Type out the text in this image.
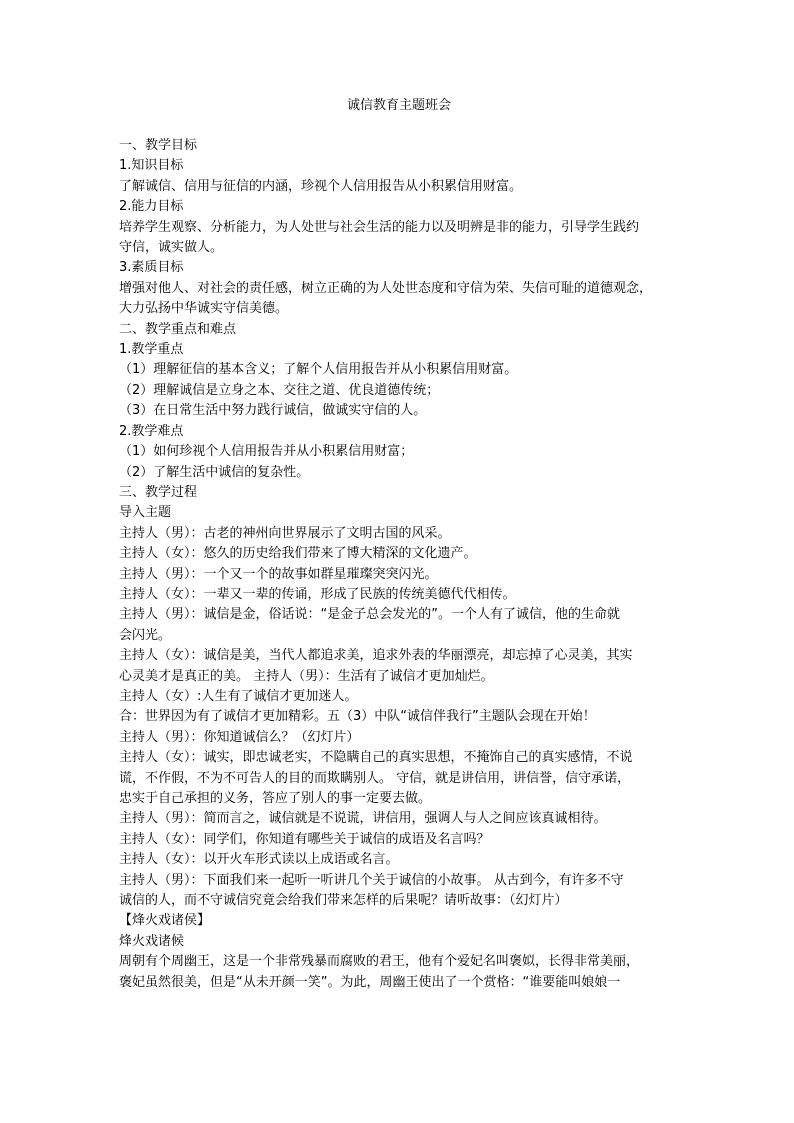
诚信教育主题班会
一、教学目标
1.知识目标
了解诚信、信用与征信的内涵，珍视个人信用报告从小积累信用财富。
2.能力目标
培养学生观察、分析能力，为人处世与社会生活的能力以及明辨是非的能力，引导学生践约
守信，诚实做人。
3.素质目标
增强对他人、对社会的责任感，树立正确的为人处世态度和守信为荣、失信可耻的道德观念，
大力弘扬中华诚实守信美德。
二、教学重点和难点
1.教学重点
（1）理解征信的基本含义；了解个人信用报告并从小积累信用财富。
（2）理解诚信是立身之本、交往之道、优良道德传统；
（3）在日常生活中努力践行诚信，做诚实守信的人。
2.教学难点
（1）如何珍视个人信用报告并从小积累信用财富；
（2）了解生活中诚信的复杂性。
三、教学过程
导入主题
主持人（男）：古老的神州向世界展示了文明古国的风采。
主持人（女）：悠久的历史给我们带来了博大精深的文化遗产。
主持人（男）：一个又一个的故事如群星璀璨突突闪光。
主持人（女）：一辈又一辈的传诵，形成了民族的传统美德代代相传。
主持人（男）：诚信是金，俗话说：“是金子总会发光的”。一个人有了诚信，他的生命就
会闪光。
主持人（女）：诚信是美，当代人都追求美，追求外表的华丽漂亮，却忘掉了心灵美，其实
心灵美才是真正的美。 主持人（男）：生活有了诚信才更加灿烂。
主持人（女）:人生有了诚信才更加迷人。
合：世界因为有了诚信才更加精彩。五（3）中队“诚信伴我行”主题队会现在开始！
主持人（男）：你知道诚信么？（幻灯片）
主持人（女）：诚实，即忠诚老实，不隐瞒自己的真实思想，不掩饰自己的真实感情，不说
谎，不作假，不为不可告人的目的而欺瞒别人。 守信，就是讲信用，讲信誉，信守承诺，
忠实于自己承担的义务，答应了别人的事一定要去做。
主持人（男）：简而言之，诚信就是不说谎，讲信用，强调人与人之间应该真诚相待。
主持人（女）：同学们，你知道有哪些关于诚信的成语及名言吗？
主持人（女）：以开火车形式读以上成语或名言。
主持人（男）：下面我们来一起听一听讲几个关于诚信的小故事。 从古到今，有许多不守
诚信的人，而不守诚信究竟会给我们带来怎样的后果呢？请听故事：（幻灯片）
【烽火戏诸侯】
烽火戏诸候
周朝有个周幽王，这是一个非常残暴而腐败的君王，他有个爱妃名叫褒姒，长得非常美丽，
褒妃虽然很美，但是“从未开颜一笑”。为此，周幽王使出了一个赏格：“谁要能叫娘娘一
